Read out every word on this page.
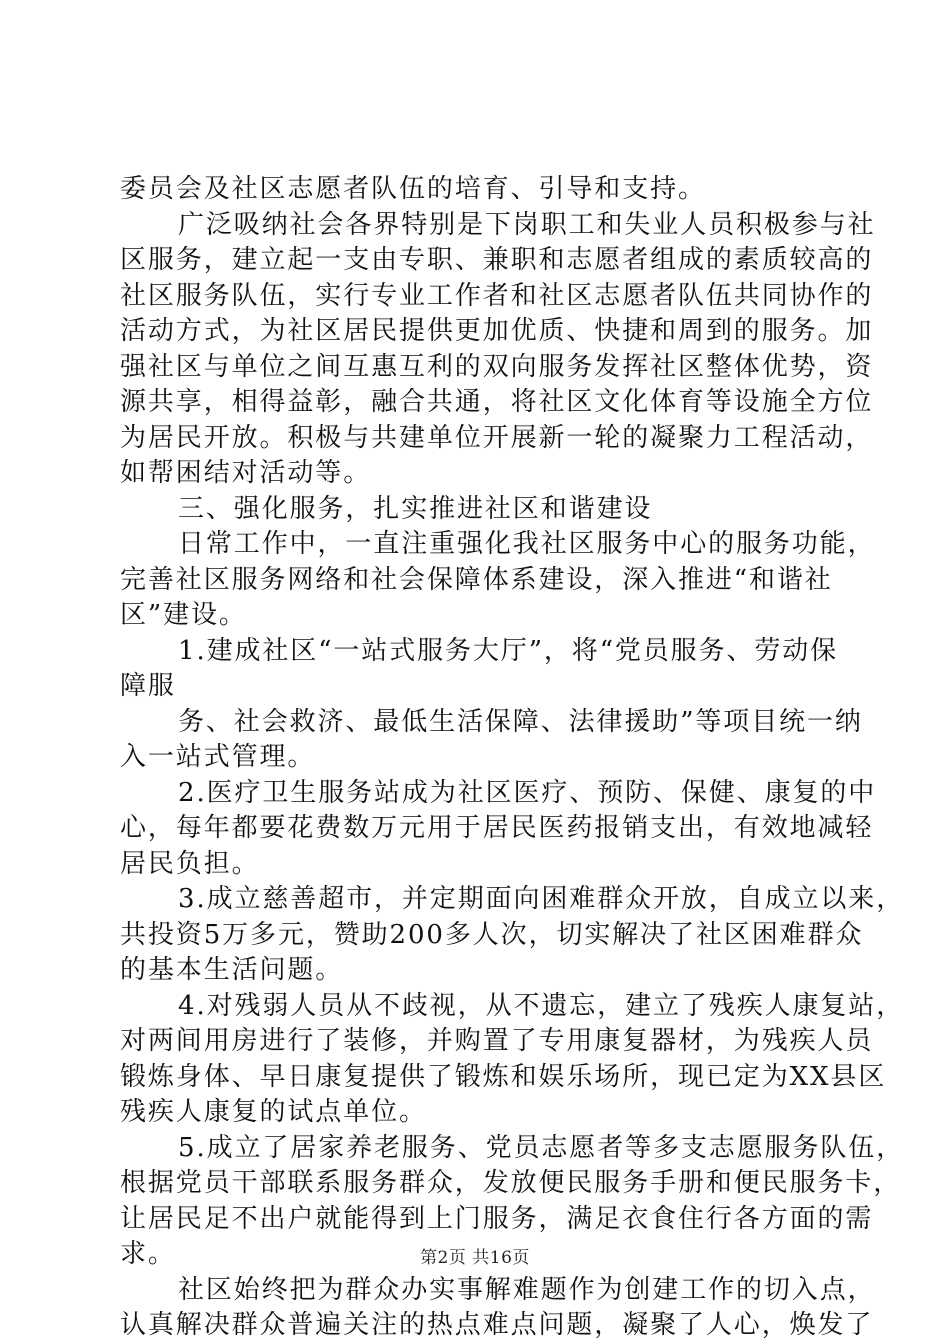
委员会及社区志愿者队伍的培育、引导和支持。

广泛吸纳社会各界特别是下岗职工和失业人员积极参与社

区服务，建立起一支由专职、兼职和志愿者组成的素质较高的

社区服务队伍，实行专业工作者和社区志愿者队伍共同协作的

活动方式，为社区居民提供更加优质、快捷和周到的服务。加

强社区与单位之间互惠互利的双向服务发挥社区整体优势，资

源共享，相得益彰，融合共通，将社区文化体育等设施全方位

为居民开放。积极与共建单位开展新一轮的凝聚力工程活动，

如帮困结对活动等。

三、强化服务，扎实推进社区和谐建设

日常工作中，一直注重强化我社区服务中心的服务功能，

完善社区服务网络和社会保障体系建设，深入推进“和谐社

区”建设。

1.建成社区“一站式服务大厅”，将“党员服务、劳动保

障服

务、社会救济、最低生活保障、法律援助”等项目统一纳

入一站式管理。

2.医疗卫生服务站成为社区医疗、预防、保健、康复的中

心，每年都要花费数万元用于居民医药报销支出，有效地减轻

居民负担。

3.成立慈善超市，并定期面向困难群众开放，自成立以来，

共投资5万多元，赞助200多人次，切实解决了社区困难群众

的基本生活问题。

4.对残弱人员从不歧视，从不遗忘，建立了残疾人康复站，

对两间用房进行了装修，并购置了专用康复器材，为残疾人员

锻炼身体、早日康复提供了锻炼和娱乐场所，现已定为XX县区

残疾人康复的试点单位。

5.成立了居家养老服务、党员志愿者等多支志愿服务队伍，

根据党员干部联系服务群众，发放便民服务手册和便民服务卡，

让居民足不出户就能得到上门服务，满足衣食住行各方面的需

求。

社区始终把为群众办实事解难题作为创建工作的切入点，

认真解决群众普遍关注的热点难点问题，凝聚了人心，焕发了

第2页 共16页
